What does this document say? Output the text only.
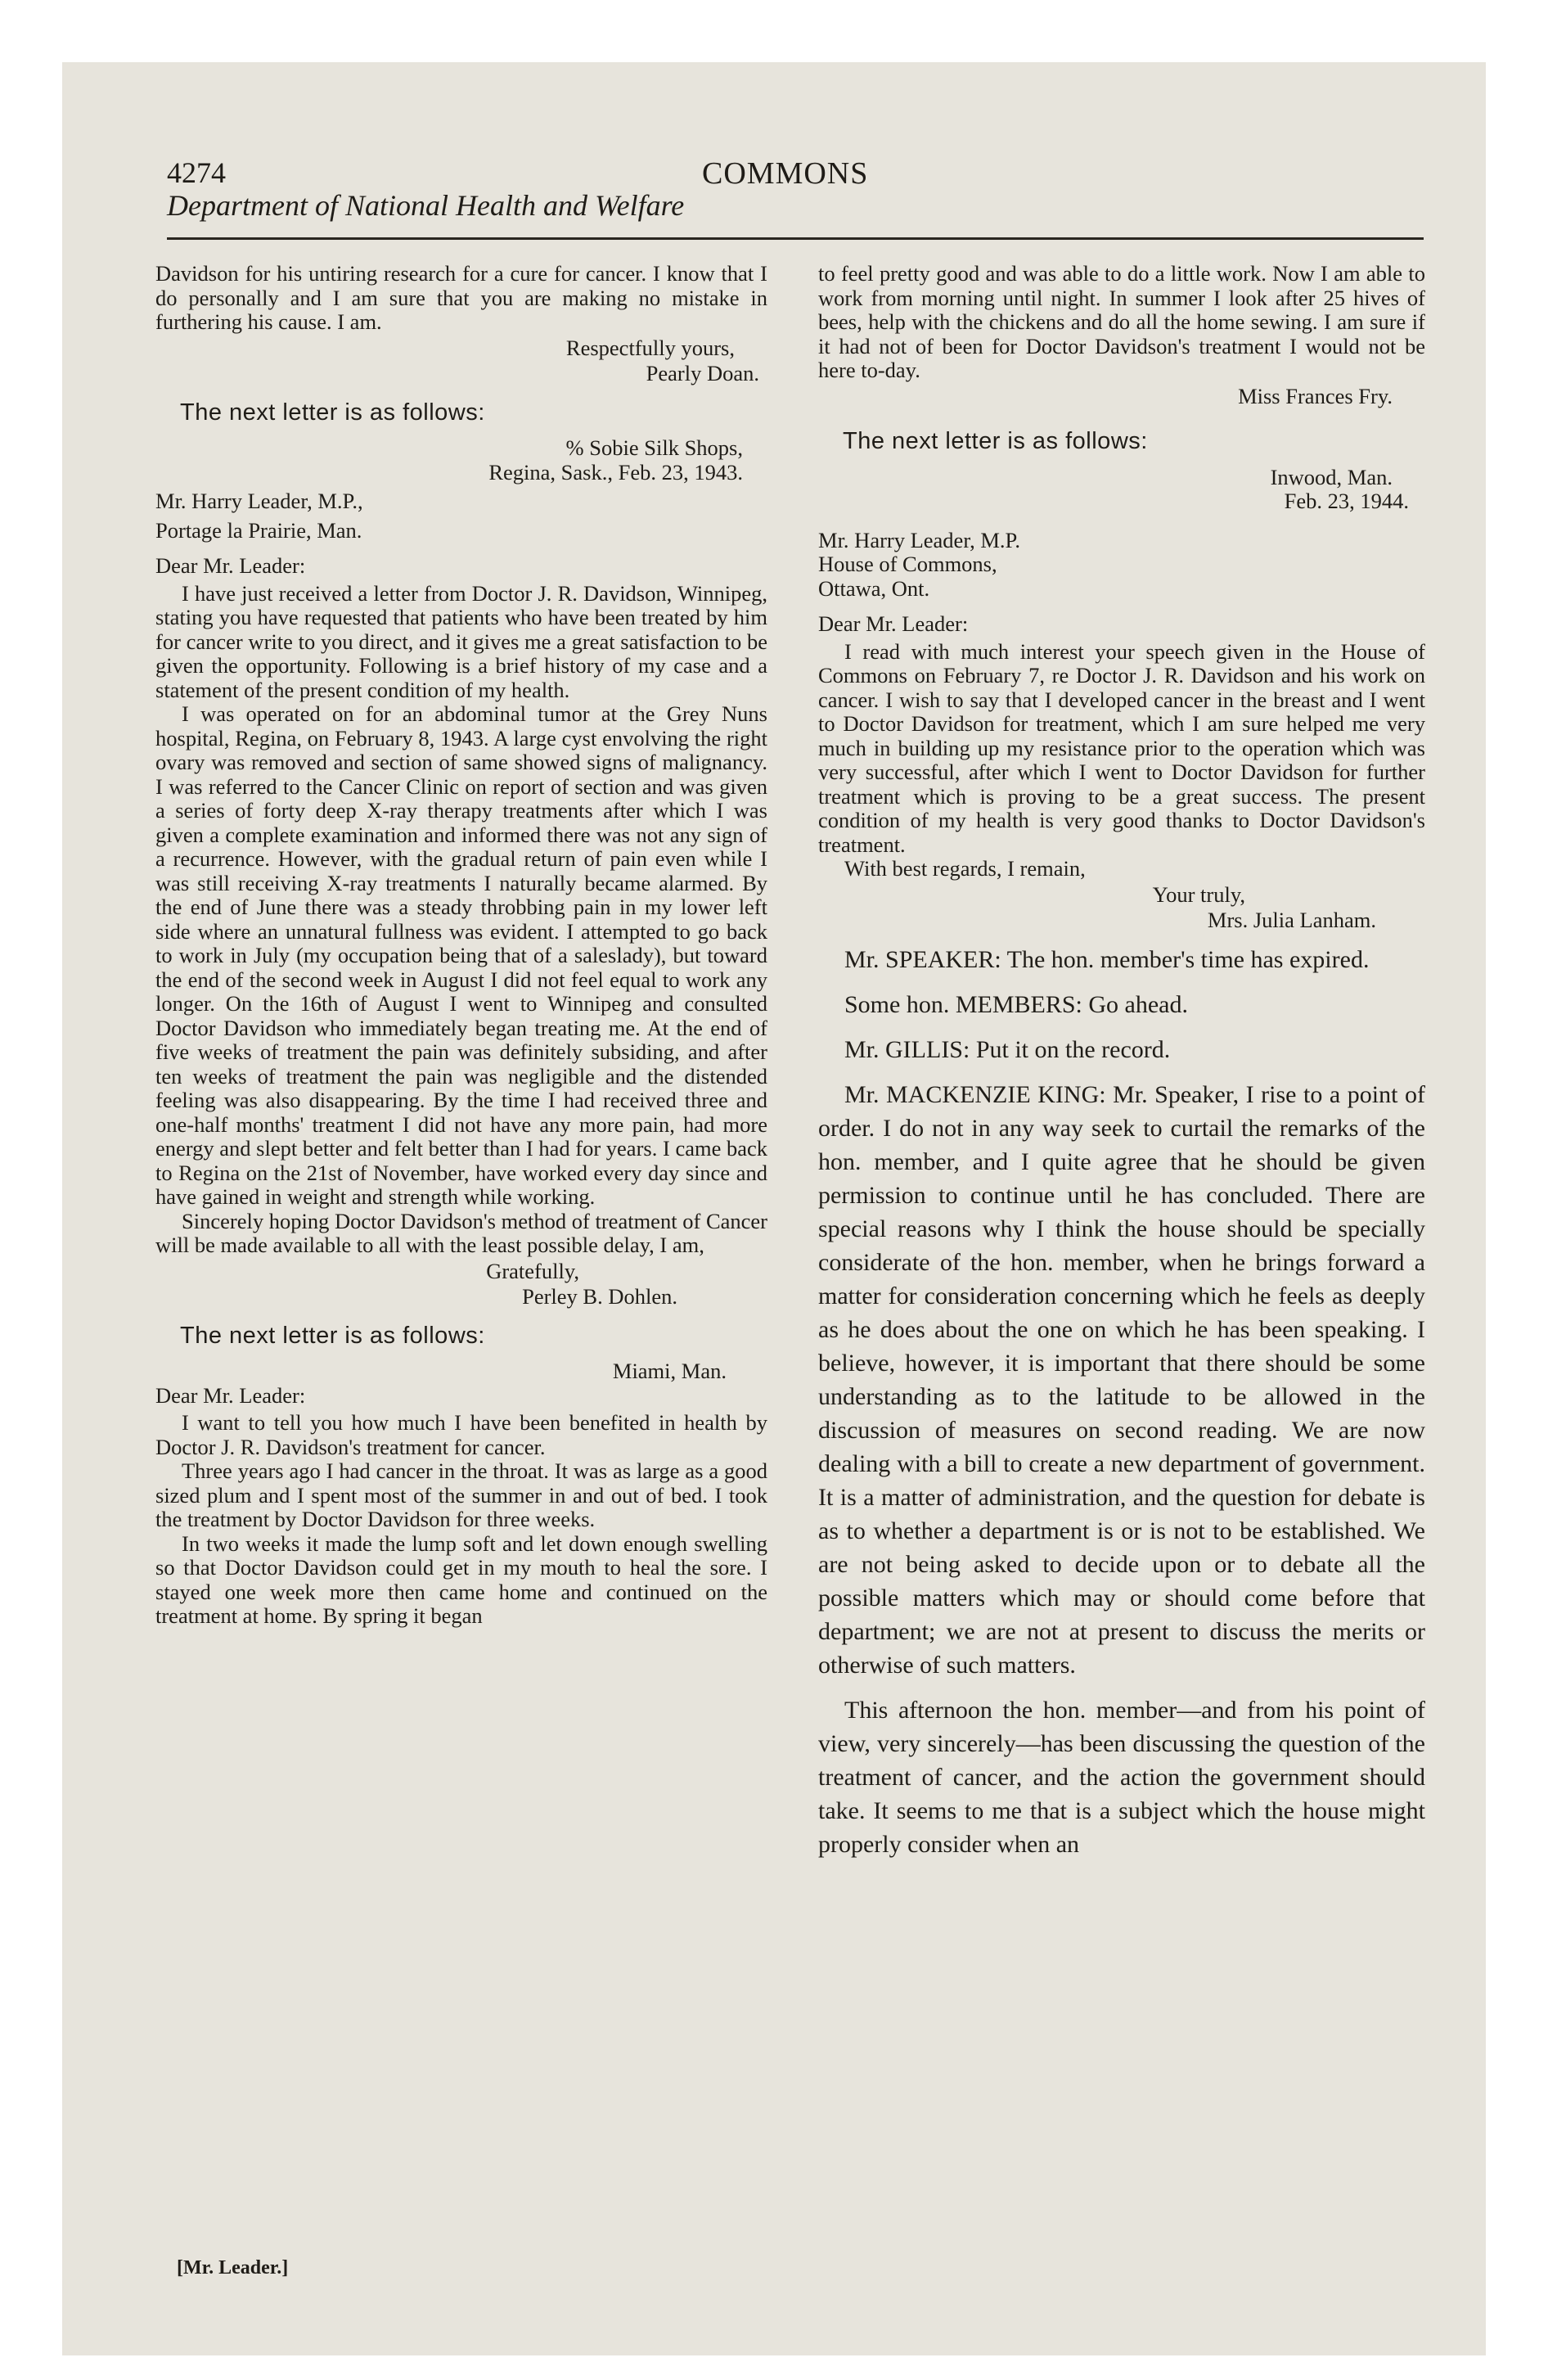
4274	COMMONS
Department of National Health and Welfare

Davidson for his untiring research for a cure for cancer. I know that I do personally and I am sure that you are making no mistake in furthering his cause. I am.

Respectfully yours,

Pearly Doan.

The next letter is as follows:

% Sobie Silk Shops,

Regina, Sask., Feb. 23, 1943.

Mr. Harry Leader, M.P.,

Portage la Prairie, Man.

Dear Mr. Leader:

I have just received a letter from Doctor J. R. Davidson, Winnipeg, stating you have requested that patients who have been treated by him for cancer write to you direct, and it gives me a great satisfaction to be given the opportunity. Following is a brief history of my case and a statement of the present condition of my health.

I was operated on for an abdominal tumor at the Grey Nuns hospital, Regina, on February 8, 1943. A large cyst envolving the right ovary was removed and section of same showed signs of malignancy. I was referred to the Cancer Clinic on report of section and was given a series of forty deep X-ray therapy treatments after which I was given a complete examination and informed there was not any sign of a recurrence. However, with the gradual return of pain even while I was still receiving X-ray treatments I naturally became alarmed. By the end of June there was a steady throbbing pain in my lower left side where an unnatural fullness was evident. I attempted to go back to work in July (my occupation being that of a saleslady), but toward the end of the second week in August I did not feel equal to work any longer. On the 16th of August I went to Winnipeg and consulted Doctor Davidson who immediately began treating me. At the end of five weeks of treatment the pain was definitely subsiding, and after ten weeks of treatment the pain was negligible and the distended feeling was also disappearing. By the time I had received three and one-half months' treatment I did not have any more pain, had more energy and slept better and felt better than I had for years. I came back to Regina on the 21st of November, have worked every day since and have gained in weight and strength while working.

Sincerely hoping Doctor Davidson's method of treatment of Cancer will be made available to all with the least possible delay, I am,

Gratefully,

Perley B. Dohlen.

The next letter is as follows:

Miami, Man.

Dear Mr. Leader:

I want to tell you how much I have been benefited in health by Doctor J. R. Davidson's treatment for cancer.

Three years ago I had cancer in the throat. It was as large as a good sized plum and I spent most of the summer in and out of bed. I took the treatment by Doctor Davidson for three weeks.

In two weeks it made the lump soft and let down enough swelling so that Doctor Davidson could get in my mouth to heal the sore. I stayed one week more then came home and continued on the treatment at home. By spring it began

[Mr. Leader.]

to feel pretty good and was able to do a little work. Now I am able to work from morning until night. In summer I look after 25 hives of bees, help with the chickens and do all the home sewing. I am sure if it had not of been for Doctor Davidson's treatment I would not be here to-day.

Miss Frances Fry.

The next letter is as follows:

Inwood, Man.

Feb. 23, 1944.

Mr. Harry Leader, M.P.

House of Commons,

Ottawa, Ont.

Dear Mr. Leader:

I read with much interest your speech given in the House of Commons on February 7, re Doctor J. R. Davidson and his work on cancer. I wish to say that I developed cancer in the breast and I went to Doctor Davidson for treatment, which I am sure helped me very much in building up my resistance prior to the operation which was very successful, after which I went to Doctor Davidson for further treatment which is proving to be a great success. The present condition of my health is very good thanks to Doctor Davidson's treatment.

With best regards, I remain,

Your truly,

Mrs. Julia Lanham.

Mr. SPEAKER: The hon. member's time has expired.

Some hon. MEMBERS: Go ahead.

Mr. GILLIS: Put it on the record.

Mr. MACKENZIE KING: Mr. Speaker, I rise to a point of order. I do not in any way seek to curtail the remarks of the hon. member, and I quite agree that he should be given permission to continue until he has concluded. There are special reasons why I think the house should be specially considerate of the hon. member, when he brings forward a matter for consideration concerning which he feels as deeply as he does about the one on which he has been speaking. I believe, however, it is important that there should be some understanding as to the latitude to be allowed in the discussion of measures on second reading. We are now dealing with a bill to create a new department of government. It is a matter of administration, and the question for debate is as to whether a department is or is not to be established. We are not being asked to decide upon or to debate all the possible matters which may or should come before that department; we are not at present to discuss the merits or otherwise of such matters.

This afternoon the hon. member—and from his point of view, very sincerely—has been discussing the question of the treatment of cancer, and the action the government should take. It seems to me that is a subject which the house might properly consider when an
